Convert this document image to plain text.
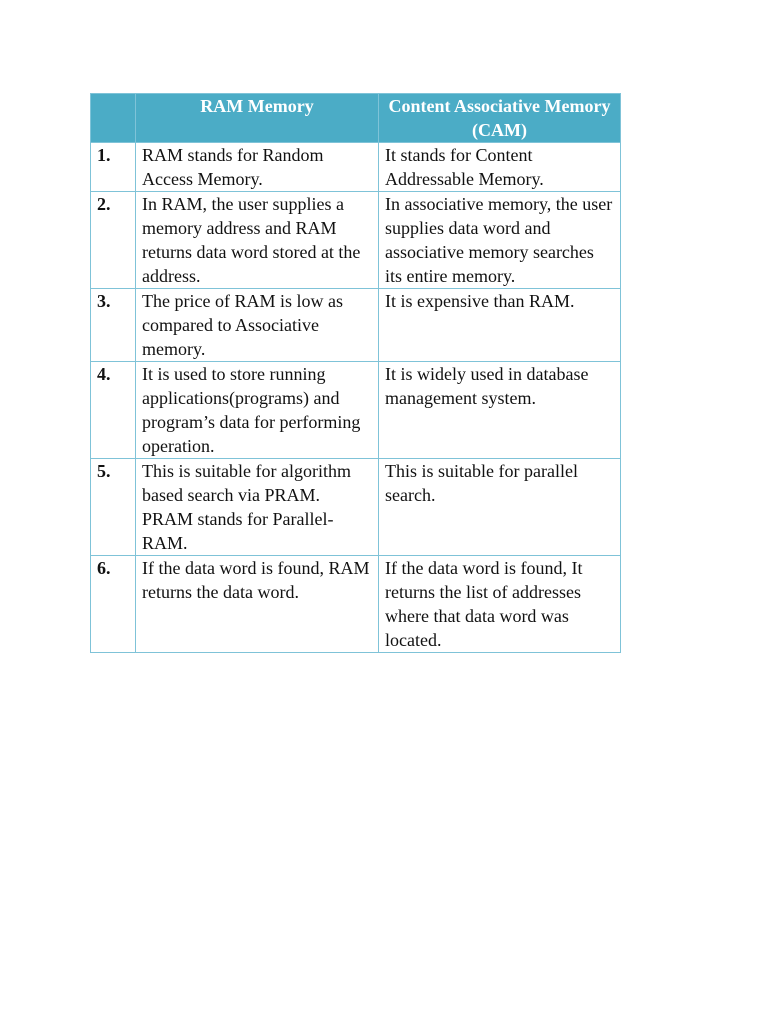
	RAM Memory	Content Associative Memory (CAM)
1.	RAM stands for Random Access Memory.	It stands for Content Addressable Memory.
2.	In RAM, the user supplies a memory address and RAM returns data word stored at the address.	In associative memory, the user supplies data word and associative memory searches its entire memory.
3.	The price of RAM is low as compared to Associative memory.	It is expensive than RAM.
4.	It is used to store running applications(programs) and program’s data for performing operation.	It is widely used in database management system.
5.	This is suitable for algorithm based search via PRAM. PRAM stands for Parallel-RAM.	This is suitable for parallel search.
6.	If the data word is found, RAM returns the data word.	If the data word is found, It returns the list of addresses where that data word was located.
